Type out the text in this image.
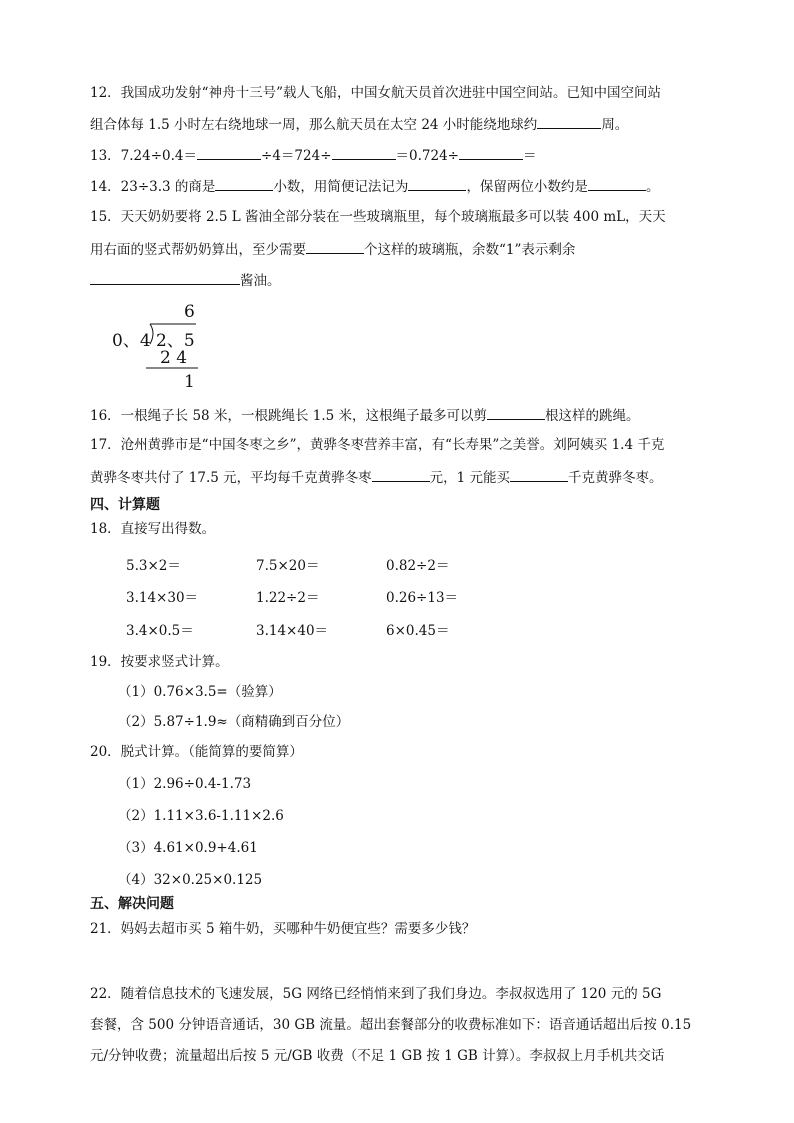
12．我国成功发射“神舟十三号”载人飞船，中国女航天员首次进驻中国空间站。已知中国空间站
组合体每 1.5 小时左右绕地球一周，那么航天员在太空 24 小时能绕地球约	周。
13．7.24÷0.4＝	÷4＝724÷	＝0.724÷	＝
14．23÷3.3 的商是	小数，用简便记法记为	，保留两位小数约是	。
15．天天奶奶要将 2.5 L 酱油全部分装在一些玻璃瓶里，每个玻璃瓶最多可以装 400 mL，天天
用右面的竖式帮奶奶算出，至少需要	个这样的玻璃瓶，余数“1”表示剩余
酱油。
6
0、4 2、5
2 4
1
16．一根绳子长 58 米，一根跳绳长 1.5 米，这根绳子最多可以剪	根这样的跳绳。
17．沧州黄骅市是“中国冬枣之乡”，黄骅冬枣营养丰富，有“长寿果”之美誉。刘阿姨买 1.4 千克
黄骅冬枣共付了 17.5 元，平均每千克黄骅冬枣	元，1 元能买	千克黄骅冬枣。
四、计算题
18．直接写出得数。
5.3×2＝	7.5×20＝	0.82÷2＝
3.14×30＝	1.22÷2＝	0.26÷13＝
3.4×0.5＝	3.14×40＝	6×0.45＝
19．按要求竖式计算。
（1）0.76×3.5=（验算）
（2）5.87÷1.9≈（商精确到百分位）
20．脱式计算。（能简算的要简算）
（1）2.96÷0.4-1.73
（2）1.11×3.6-1.11×2.6
（3）4.61×0.9+4.61
（4）32×0.25×0.125
五、解决问题
21．妈妈去超市买 5 箱牛奶，买哪种牛奶便宜些？需要多少钱？
22．随着信息技术的飞速发展，5G 网络已经悄悄来到了我们身边。李叔叔选用了 120 元的 5G
套餐，含 500 分钟语音通话，30 GB 流量。超出套餐部分的收费标准如下：语音通话超出后按 0.15
元/分钟收费；流量超出后按 5 元/GB 收费（不足 1 GB 按 1 GB 计算）。李叔叔上月手机共交话
